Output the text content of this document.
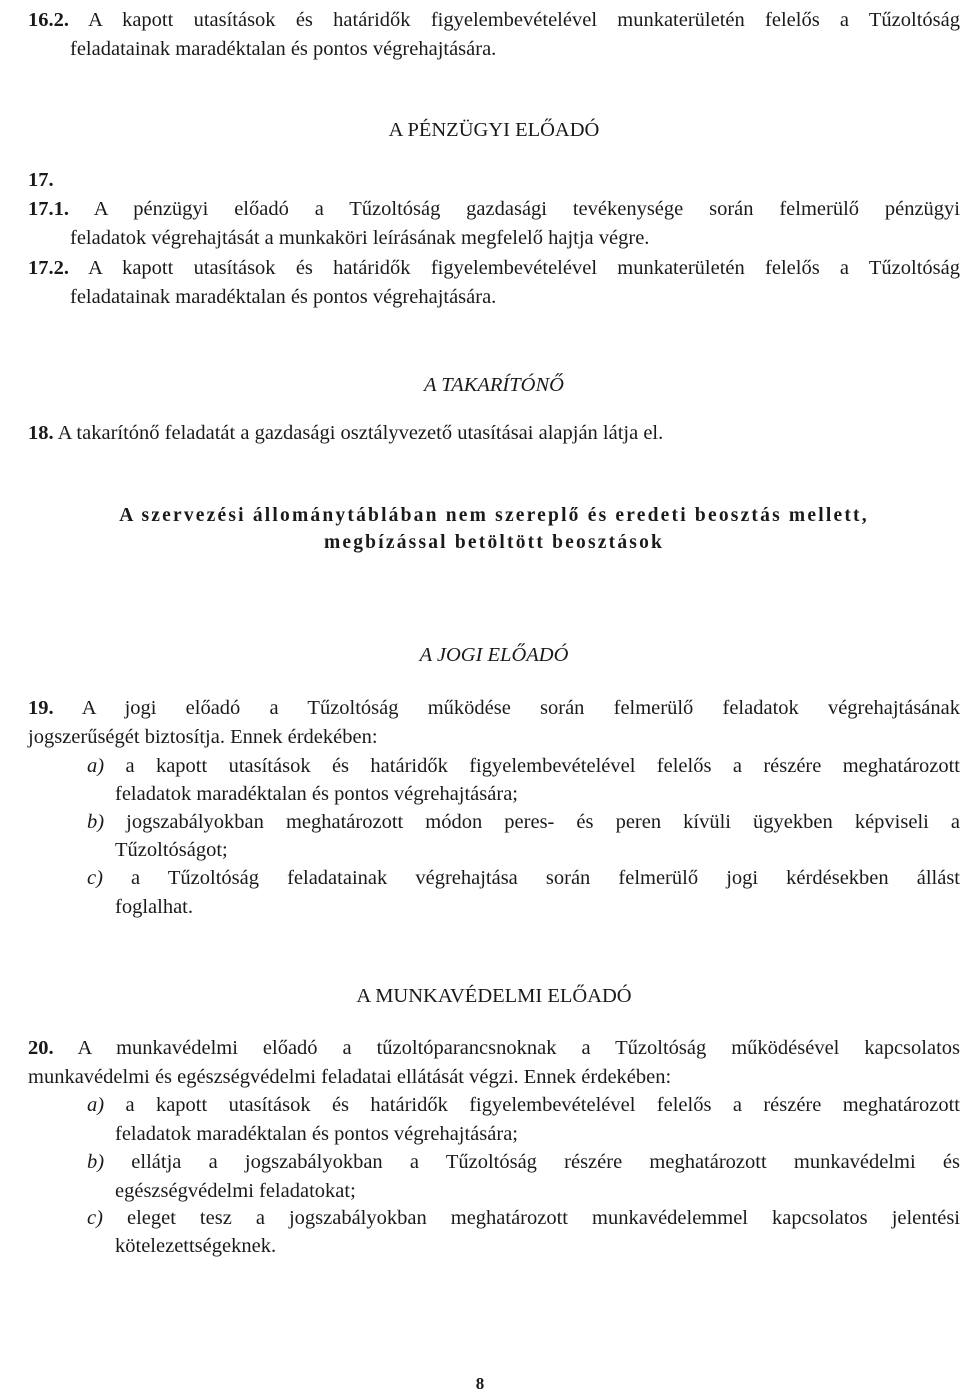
16.2. A kapott utasítások és határidők figyelembevételével munkaterületén felelős a Tűzoltóság
feladatainak maradéktalan és pontos végrehajtására.
A PÉNZÜGYI ELŐADÓ
17.
17.1. A pénzügyi előadó a Tűzoltóság gazdasági tevékenysége során felmerülő pénzügyi
feladatok végrehajtását a munkaköri leírásának megfelelő hajtja végre.
17.2. A kapott utasítások és határidők figyelembevételével munkaterületén felelős a Tűzoltóság
feladatainak maradéktalan és pontos végrehajtására.
A TAKARÍTÓNŐ
18. A takarítónő feladatát a gazdasági osztályvezető utasításai alapján látja el.
A szervezési állománytáblában nem szereplő és eredeti beosztás mellett,
megbízással betöltött beosztások
A JOGI ELŐADÓ
19. A jogi előadó a Tűzoltóság működése során felmerülő feladatok végrehajtásának
jogszerűségét biztosítja. Ennek érdekében:
a) a kapott utasítások és határidők figyelembevételével felelős a részére meghatározott
feladatok maradéktalan és pontos végrehajtására;
b) jogszabályokban meghatározott módon peres- és peren kívüli ügyekben képviseli a
Tűzoltóságot;
c) a Tűzoltóság feladatainak végrehajtása során felmerülő jogi kérdésekben állást
foglalhat.
A MUNKAVÉDELMI ELŐADÓ
20. A munkavédelmi előadó a tűzoltóparancsnoknak a Tűzoltóság működésével kapcsolatos
munkavédelmi és egészségvédelmi feladatai ellátását végzi. Ennek érdekében:
a) a kapott utasítások és határidők figyelembevételével felelős a részére meghatározott
feladatok maradéktalan és pontos végrehajtására;
b) ellátja a jogszabályokban a Tűzoltóság részére meghatározott munkavédelmi és
egészségvédelmi feladatokat;
c) eleget tesz a jogszabályokban meghatározott munkavédelemmel kapcsolatos jelentési
kötelezettségeknek.
8
